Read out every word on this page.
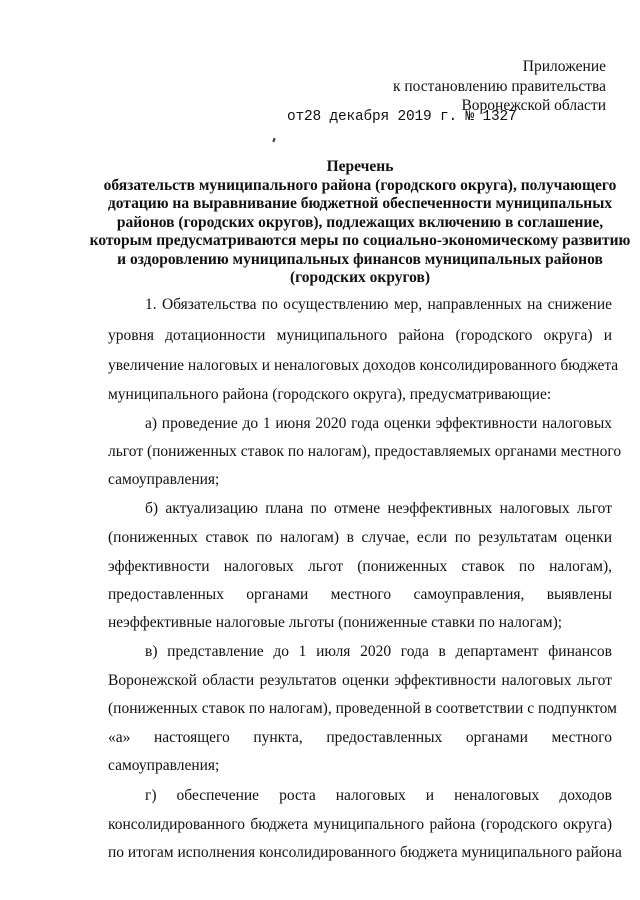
Приложение
к постановлению правительства
Воронежской области
от28 декабря 2019 г. № 1327
Перечень
обязательств муниципального района (городского округа), получающего
дотацию на выравнивание бюджетной обеспеченности муниципальных
районов (городских округов), подлежащих включению в соглашение,
которым предусматриваются меры по социально-экономическому развитию
и оздоровлению муниципальных финансов муниципальных районов
(городских округов)
1. Обязательства по осуществлению мер, направленных на снижение
уровня дотационности муниципального района (городского округа) и
увеличение налоговых и неналоговых доходов консолидированного бюджета
муниципального района (городского округа), предусматривающие:
а) проведение до 1 июня 2020 года оценки эффективности налоговых
льгот (пониженных ставок по налогам), предоставляемых органами местного
самоуправления;
б) актуализацию плана по отмене неэффективных налоговых льгот
(пониженных ставок по налогам) в случае, если по результатам оценки
эффективности налоговых льгот (пониженных ставок по налогам),
предоставленных органами местного самоуправления, выявлены
неэффективные налоговые льготы (пониженные ставки по налогам);
в) представление до 1 июля 2020 года в департамент финансов
Воронежской области результатов оценки эффективности налоговых льгот
(пониженных ставок по налогам), проведенной в соответствии с подпунктом
«а» настоящего пункта, предоставленных органами местного
самоуправления;
г) обеспечение роста налоговых и неналоговых доходов
консолидированного бюджета муниципального района (городского округа)
по итогам исполнения консолидированного бюджета муниципального района
